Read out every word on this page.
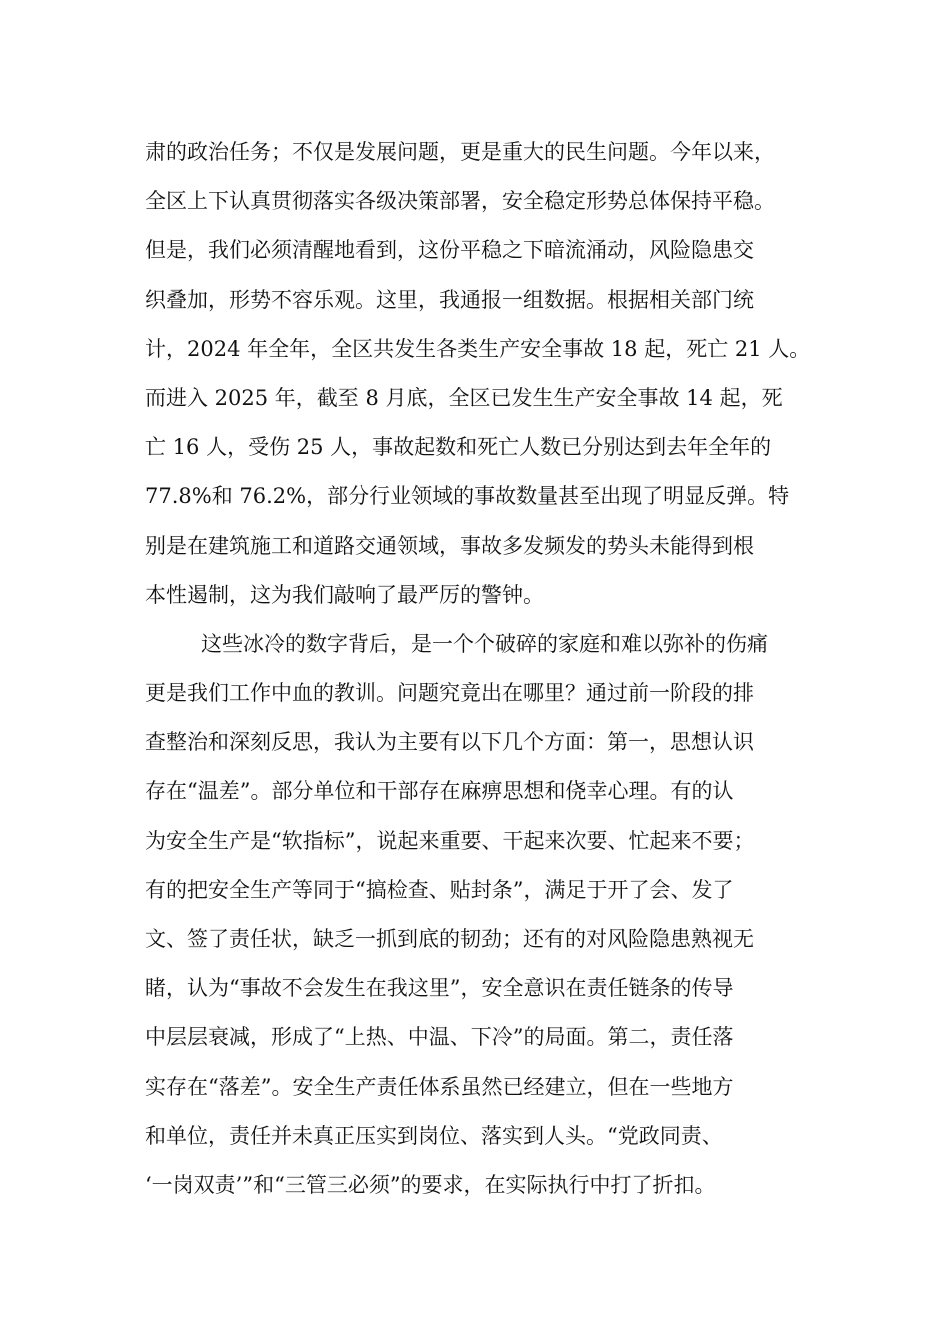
肃的政治任务；不仅是发展问题，更是重大的民生问题。今年以来，
全区上下认真贯彻落实各级决策部署，安全稳定形势总体保持平稳。
但是，我们必须清醒地看到，这份平稳之下暗流涌动，风险隐患交
织叠加，形势不容乐观。这里，我通报一组数据。根据相关部门统
计，2024 年全年，全区共发生各类生产安全事故 18 起，死亡 21 人。
而进入 2025 年，截至 8 月底，全区已发生生产安全事故 14 起，死
亡 16 人，受伤 25 人，事故起数和死亡人数已分别达到去年全年的
77.8%和 76.2%，部分行业领域的事故数量甚至出现了明显反弹。特
别是在建筑施工和道路交通领域，事故多发频发的势头未能得到根
本性遏制，这为我们敲响了最严厉的警钟。
这些冰冷的数字背后，是一个个破碎的家庭和难以弥补的伤痛
更是我们工作中血的教训。问题究竟出在哪里？通过前一阶段的排
查整治和深刻反思，我认为主要有以下几个方面：第一，思想认识
存在“温差”。部分单位和干部存在麻痹思想和侥幸心理。有的认
为安全生产是“软指标”，说起来重要、干起来次要、忙起来不要；
有的把安全生产等同于“搞检查、贴封条”，满足于开了会、发了
文、签了责任状，缺乏一抓到底的韧劲；还有的对风险隐患熟视无
睹，认为“事故不会发生在我这里”，安全意识在责任链条的传导
中层层衰减，形成了“上热、中温、下冷”的局面。第二，责任落
实存在“落差”。安全生产责任体系虽然已经建立，但在一些地方
和单位，责任并未真正压实到岗位、落实到人头。“党政同责、
‘一岗双责’”和“三管三必须”的要求，在实际执行中打了折扣。
